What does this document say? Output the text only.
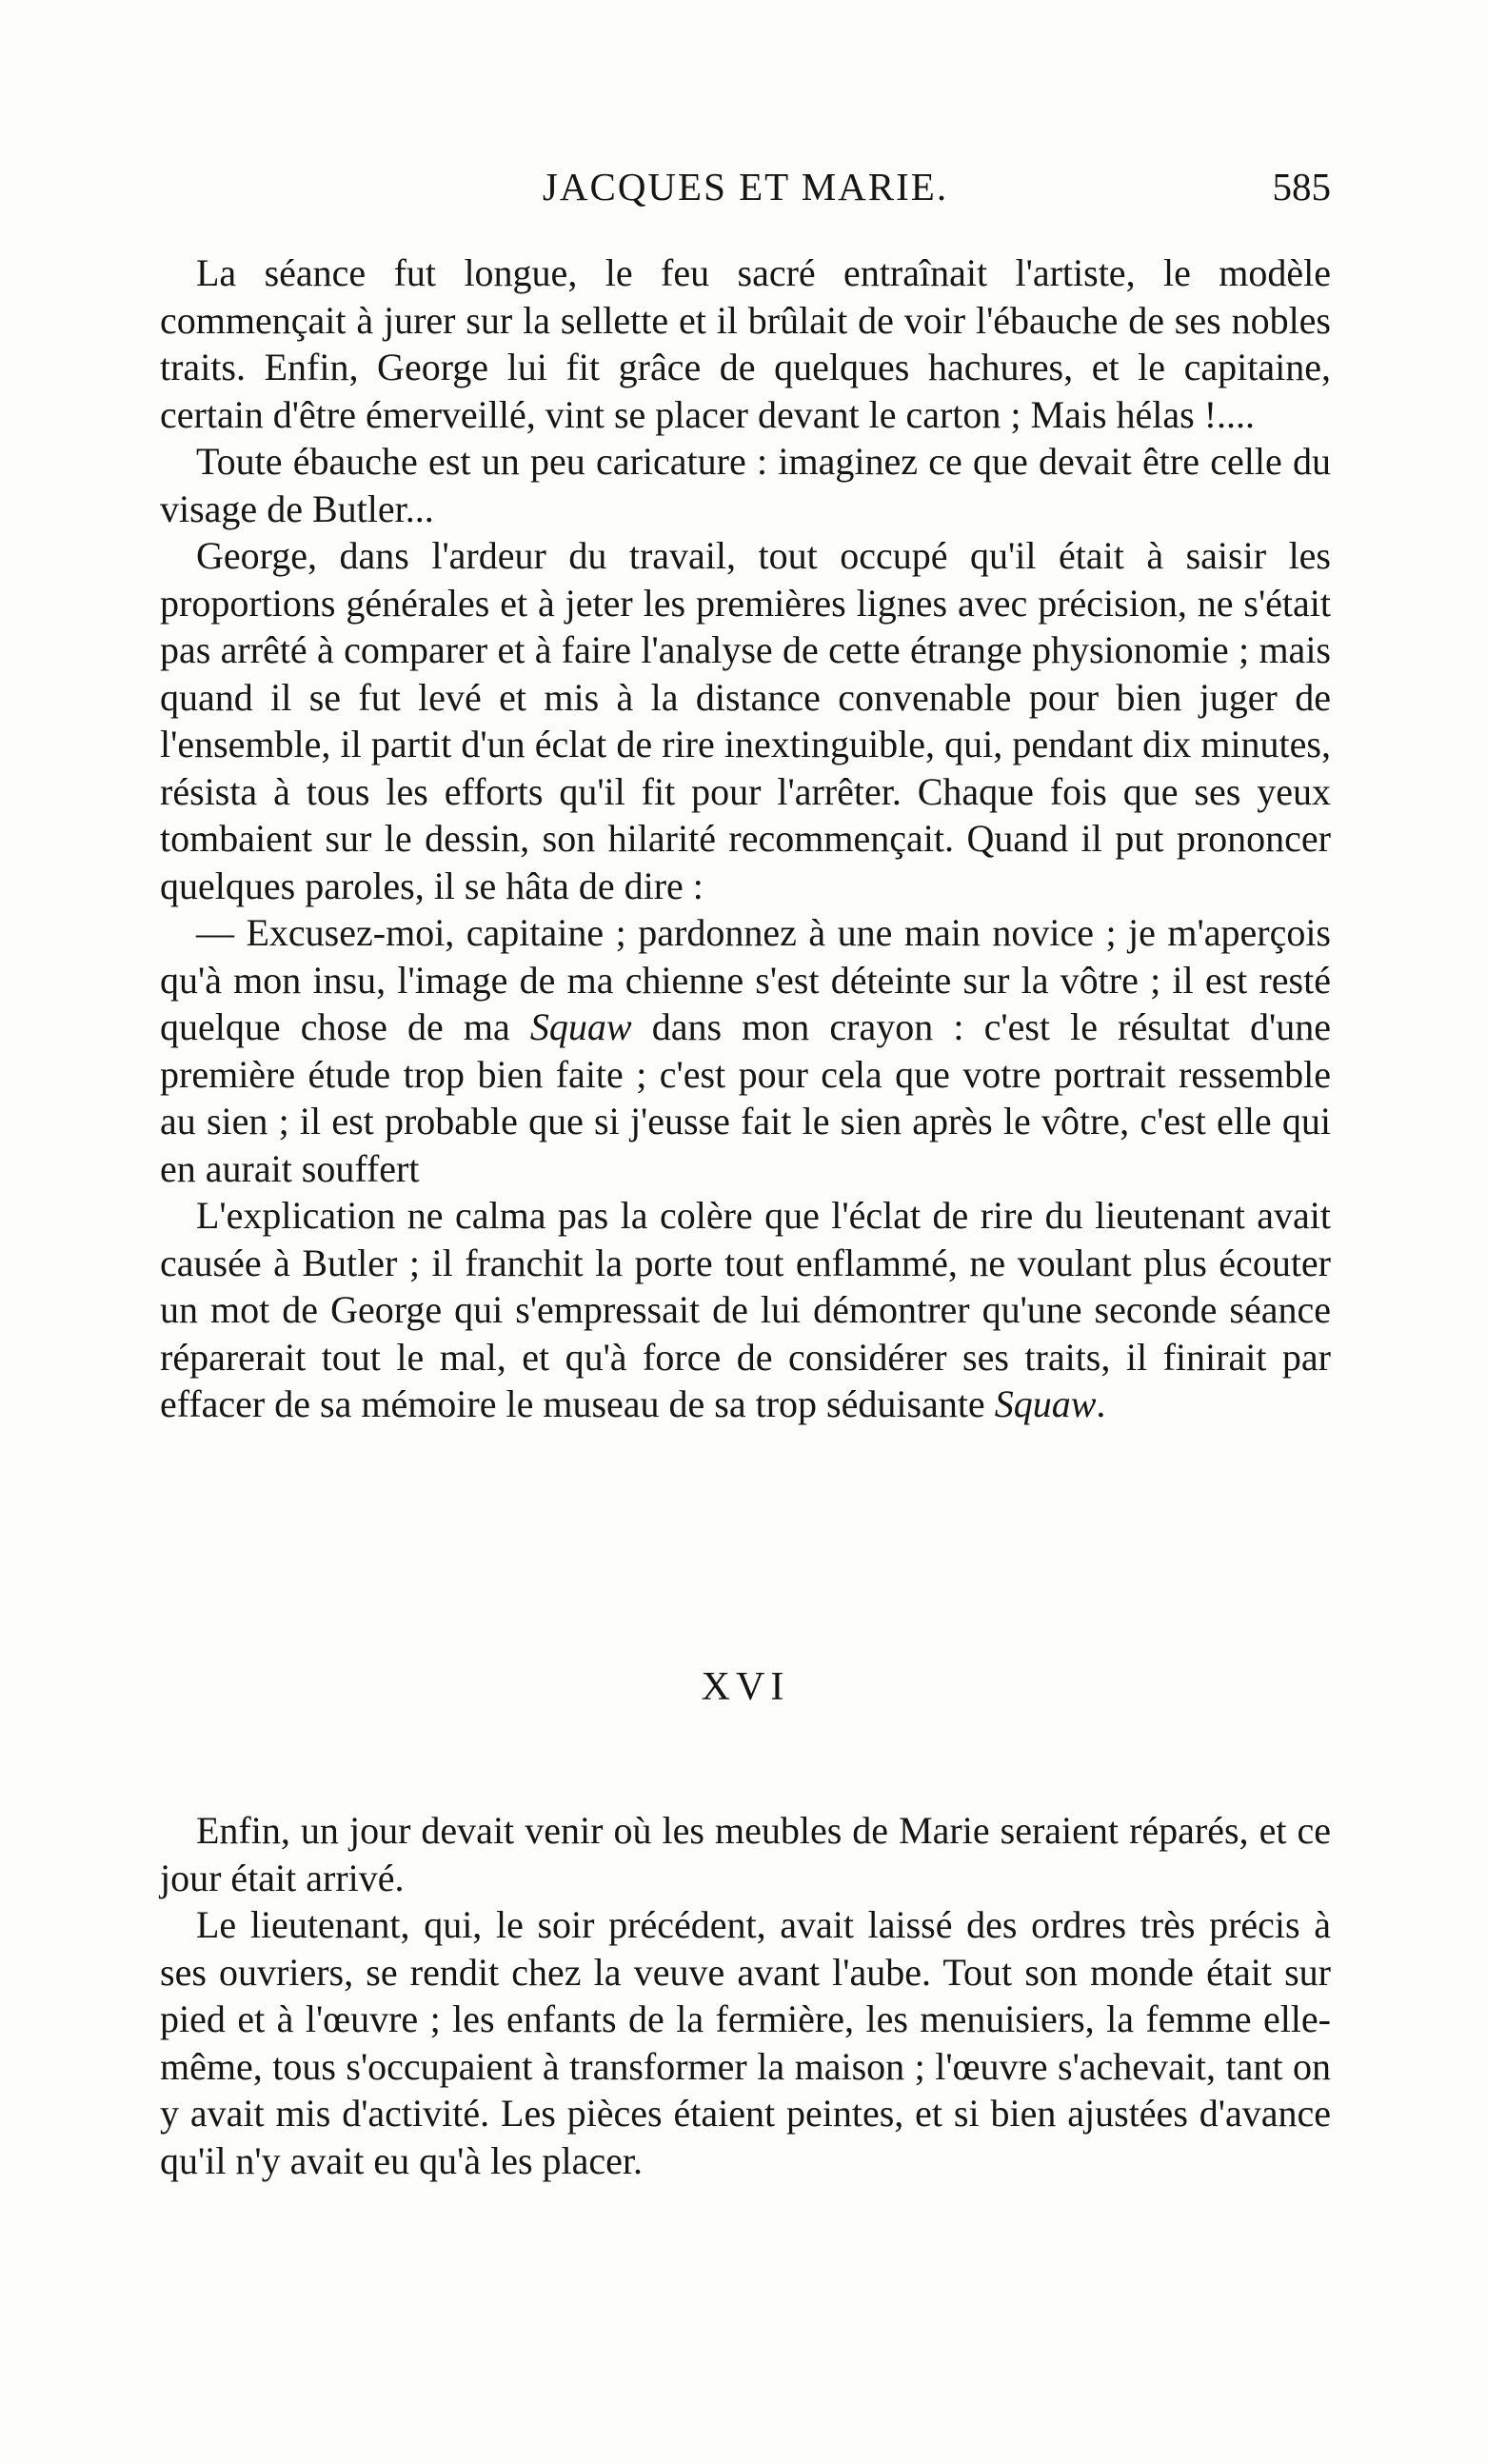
JACQUES ET MARIE.	585

La séance fut longue, le feu sacré entraînait l'artiste, le modèle commençait à jurer sur la sellette et il brûlait de voir l'ébauche de ses nobles traits. Enfin, George lui fit grâce de quelques hachures, et le capitaine, certain d'être émerveillé, vint se placer devant le carton ; Mais hélas !....

Toute ébauche est un peu caricature : imaginez ce que devait être celle du visage de Butler...

George, dans l'ardeur du travail, tout occupé qu'il était à saisir les proportions générales et à jeter les premières lignes avec précision, ne s'était pas arrêté à comparer et à faire l'analyse de cette étrange physionomie ; mais quand il se fut levé et mis à la distance convenable pour bien juger de l'ensemble, il partit d'un éclat de rire inextinguible, qui, pendant dix minutes, résista à tous les efforts qu'il fit pour l'arrêter. Chaque fois que ses yeux tombaient sur le dessin, son hilarité recommençait. Quand il put prononcer quelques paroles, il se hâta de dire :

— Excusez-moi, capitaine ; pardonnez à une main novice ; je m'aperçois qu'à mon insu, l'image de ma chienne s'est déteinte sur la vôtre ; il est resté quelque chose de ma Squaw dans mon crayon : c'est le résultat d'une première étude trop bien faite ; c'est pour cela que votre portrait ressemble au sien ; il est probable que si j'eusse fait le sien après le vôtre, c'est elle qui en aurait souffert

L'explication ne calma pas la colère que l'éclat de rire du lieutenant avait causée à Butler ; il franchit la porte tout enflammé, ne voulant plus écouter un mot de George qui s'empressait de lui démontrer qu'une seconde séance réparerait tout le mal, et qu'à force de considérer ses traits, il finirait par effacer de sa mémoire le museau de sa trop séduisante Squaw.

XVI

Enfin, un jour devait venir où les meubles de Marie seraient réparés, et ce jour était arrivé.

Le lieutenant, qui, le soir précédent, avait laissé des ordres très précis à ses ouvriers, se rendit chez la veuve avant l'aube. Tout son monde était sur pied et à l'œuvre ; les enfants de la fermière, les menuisiers, la femme elle-même, tous s'occupaient à transformer la maison ; l'œuvre s'achevait, tant on y avait mis d'activité. Les pièces étaient peintes, et si bien ajustées d'avance qu'il n'y avait eu qu'à les placer.
